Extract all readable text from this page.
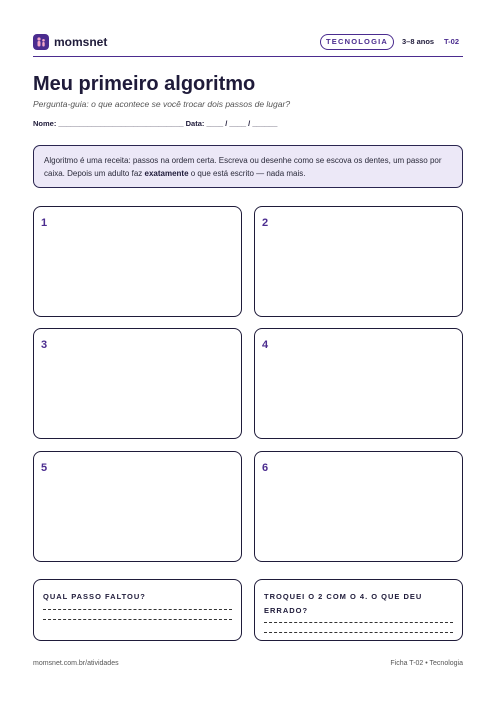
momsnet	TECNOLOGIA	3–8 anos T-02
Meu primeiro algoritmo
Pergunta-guia: o que acontece se você trocar dois passos de lugar?
Nome: ______________________________ Data: ____ / ____ / ______
Algoritmo é uma receita: passos na ordem certa. Escreva ou desenhe como se escova os dentes, um passo por caixa. Depois um adulto faz exatamente o que está escrito — nada mais.
1	2
3	4
5	6
QUAL PASSO FALTOU?	TROQUEI O 2 COM O 4. O QUE DEU ERRADO?
momsnet.com.br/atividades	Ficha T-02 • Tecnologia
